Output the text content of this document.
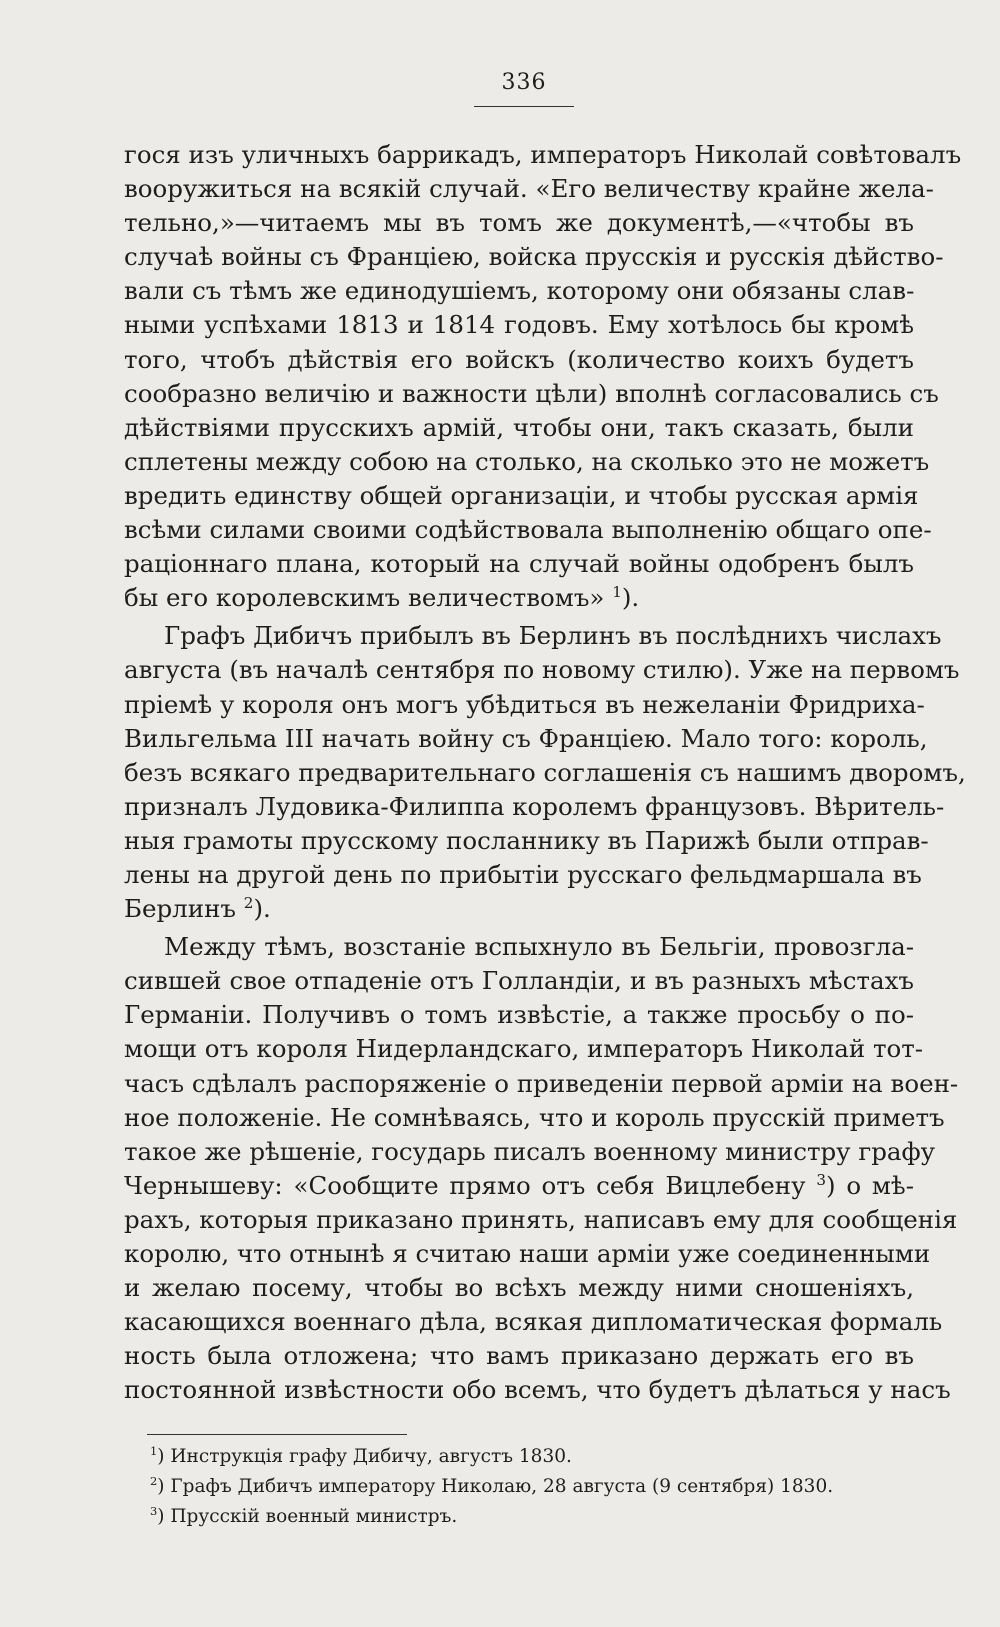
336
гося изъ уличныхъ баррикадъ, императоръ Николай совѣтовалъ
вооружиться на всякій случай. «Его величеству крайне жела-
тельно,»—читаемъ мы въ томъ же документѣ,—«чтобы въ
случаѣ войны съ Франціею, войска прусскія и русскія дѣйство-
вали съ тѣмъ же единодушіемъ, которому они обязаны слав-
ными успѣхами 1813 и 1814 годовъ. Ему хотѣлось бы кромѣ
того, чтобъ дѣйствія его войскъ (количество коихъ будетъ
сообразно величію и важности цѣли) вполнѣ согласовались съ
дѣйствіями прусскихъ армій, чтобы они, такъ сказать, были
сплетены между собою на столько, на сколько это не можетъ
вредить единству общей организаціи, и чтобы русская армія
всѣми силами своими содѣйствовала выполненію общаго опе-
раціоннаго плана, который на случай войны одобренъ былъ
бы его королевскимъ величествомъ» $^1$).
Графъ Дибичъ прибылъ въ Берлинъ въ послѣднихъ числахъ
августа (въ началѣ сентября по новому стилю). Уже на первомъ
пріемѣ у короля онъ могъ убѣдиться въ нежеланіи Фридриха-
Вильгельма III начать войну съ Франціею. Мало того: король,
безъ всякаго предварительнаго соглашенія съ нашимъ дворомъ,
призналъ Лудовика-Филиппа королемъ французовъ. Вѣритель-
ныя грамоты прусскому посланнику въ Парижѣ были отправ-
лены на другой день по прибытіи русскаго фельдмаршала въ
Берлинъ $^2$).
Между тѣмъ, возстаніе вспыхнуло въ Бельгіи, провозгла-
сившей свое отпаденіе отъ Голландіи, и въ разныхъ мѣстахъ
Германіи. Получивъ о томъ извѣстіе, а также просьбу о по-
мощи отъ короля Нидерландскаго, императоръ Николай тот-
часъ сдѣлалъ распоряженіе о приведеніи первой арміи на воен-
ное положеніе. Не сомнѣваясь, что и король прусскій приметъ
такое же рѣшеніе, государь писалъ военному министру графу
Чернышеву: «Сообщите прямо отъ себя Вицлебену $^3$) о мѣ-
рахъ, которыя приказано принять, написавъ ему для сообщенія
королю, что отнынѣ я считаю наши арміи уже соединенными
и желаю посему, чтобы во всѣхъ между ними сношеніяхъ,
касающихся военнаго дѣла, всякая дипломатическая формаль
ность была отложена; что вамъ приказано держать его въ
постоянной извѣстности обо всемъ, что будетъ дѣлаться у насъ
$^1$) Инструкція графу Дибичу, августъ 1830.
$^2$) Графъ Дибичъ императору Николаю, 28 августа (9 сентября) 1830.
$^3$) Прусскій военный министръ.
